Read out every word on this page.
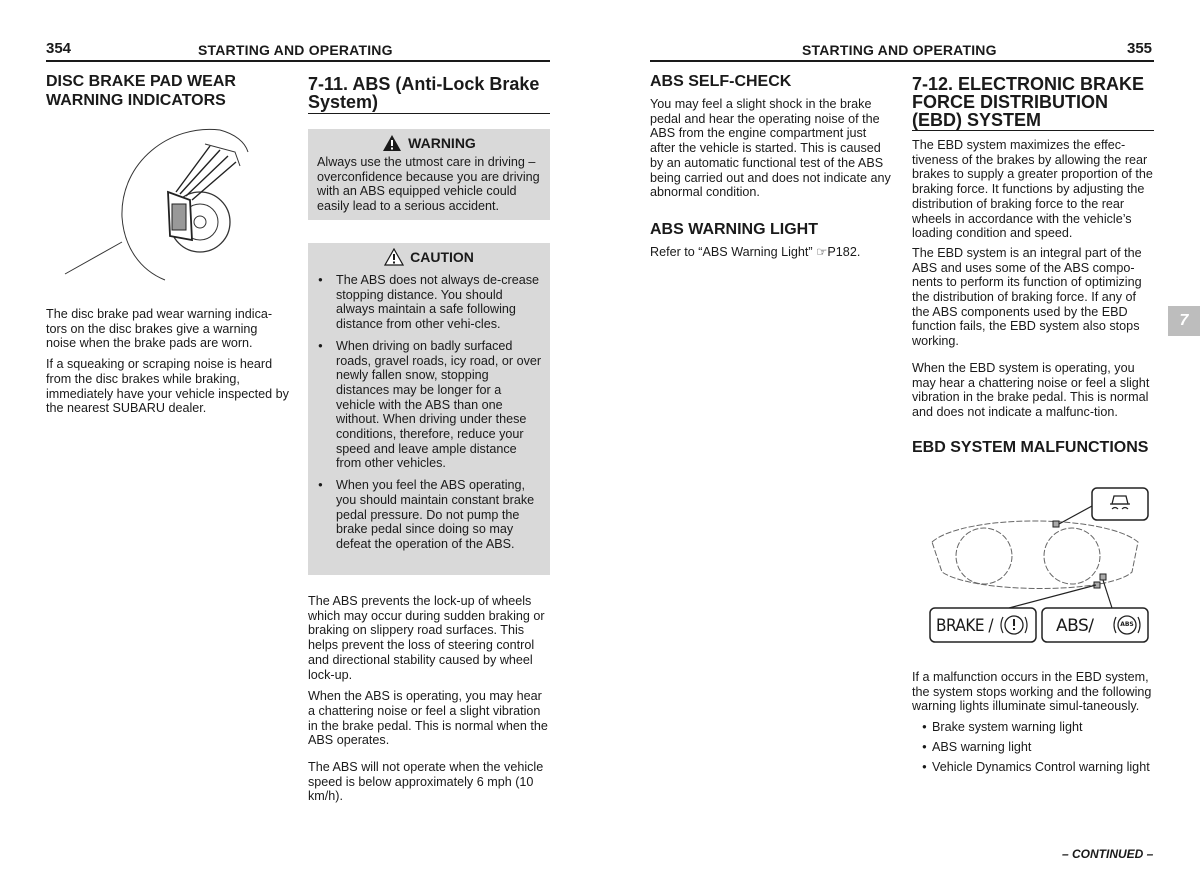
354	STARTING AND OPERATING
DISC BRAKE PAD WEAR
WARNING INDICATORS

The disc brake pad wear warning indica-tors on the disc brakes give a warning noise when the brake pads are worn.

If a squeaking or scraping noise is heard from the disc brakes while braking, immediately have your vehicle inspected by the nearest SUBARU dealer.

7-11. ABS (Anti-Lock Brake
System)
WARNING

Always use the utmost care in driving – overconfidence because you are driving with an ABS equipped vehicle could easily lead to a serious accident.

CAUTION
● The ABS does not always de-crease stopping distance. You should always maintain a safe following distance from other vehi-cles.
● When driving on badly surfaced roads, gravel roads, icy road, or over newly fallen snow, stopping distances may be longer for a vehicle with the ABS than one without. When driving under these conditions, therefore, reduce your speed and leave ample distance from other vehicles.
● When you feel the ABS operating, you should maintain constant brake pedal pressure. Do not pump the brake pedal since doing so may defeat the operation of the ABS.

The ABS prevents the lock-up of wheels which may occur during sudden braking or braking on slippery road surfaces. This helps prevent the loss of steering control and directional stability caused by wheel lock-up.

When the ABS is operating, you may hear a chattering noise or feel a slight vibration in the brake pedal. This is normal when the ABS operates.

The ABS will not operate when the vehicle speed is below approximately 6 mph (10 km/h).

STARTING AND OPERATING	355
ABS SELF-CHECK

You may feel a slight shock in the brake pedal and hear the operating noise of the ABS from the engine compartment just after the vehicle is started. This is caused by an automatic functional test of the ABS being carried out and does not indicate any abnormal condition.

ABS WARNING LIGHT

Refer to “ABS Warning Light” ☞P182.

7-12. ELECTRONIC BRAKE
FORCE DISTRIBUTION
(EBD) SYSTEM

The EBD system maximizes the effec-tiveness of the brakes by allowing the rear brakes to supply a greater proportion of the braking force. It functions by adjusting the distribution of braking force to the rear wheels in accordance with the vehicle’s loading condition and speed.

The EBD system is an integral part of the ABS and uses some of the ABS compo-nents to perform its function of optimizing the distribution of braking force. If any of the ABS components used by the EBD function fails, the EBD system also stops working.

When the EBD system is operating, you may hear a chattering noise or feel a slight vibration in the brake pedal. This is normal and does not indicate a malfunc-tion.

EBD SYSTEM MALFUNCTIONS
BRAKE /	ABS/	ABS

If a malfunction occurs in the EBD system, the system stops working and the following warning lights illuminate simul-taneously.

● Brake system warning light
● ABS warning light
● Vehicle Dynamics Control warning light
7
– CONTINUED –
